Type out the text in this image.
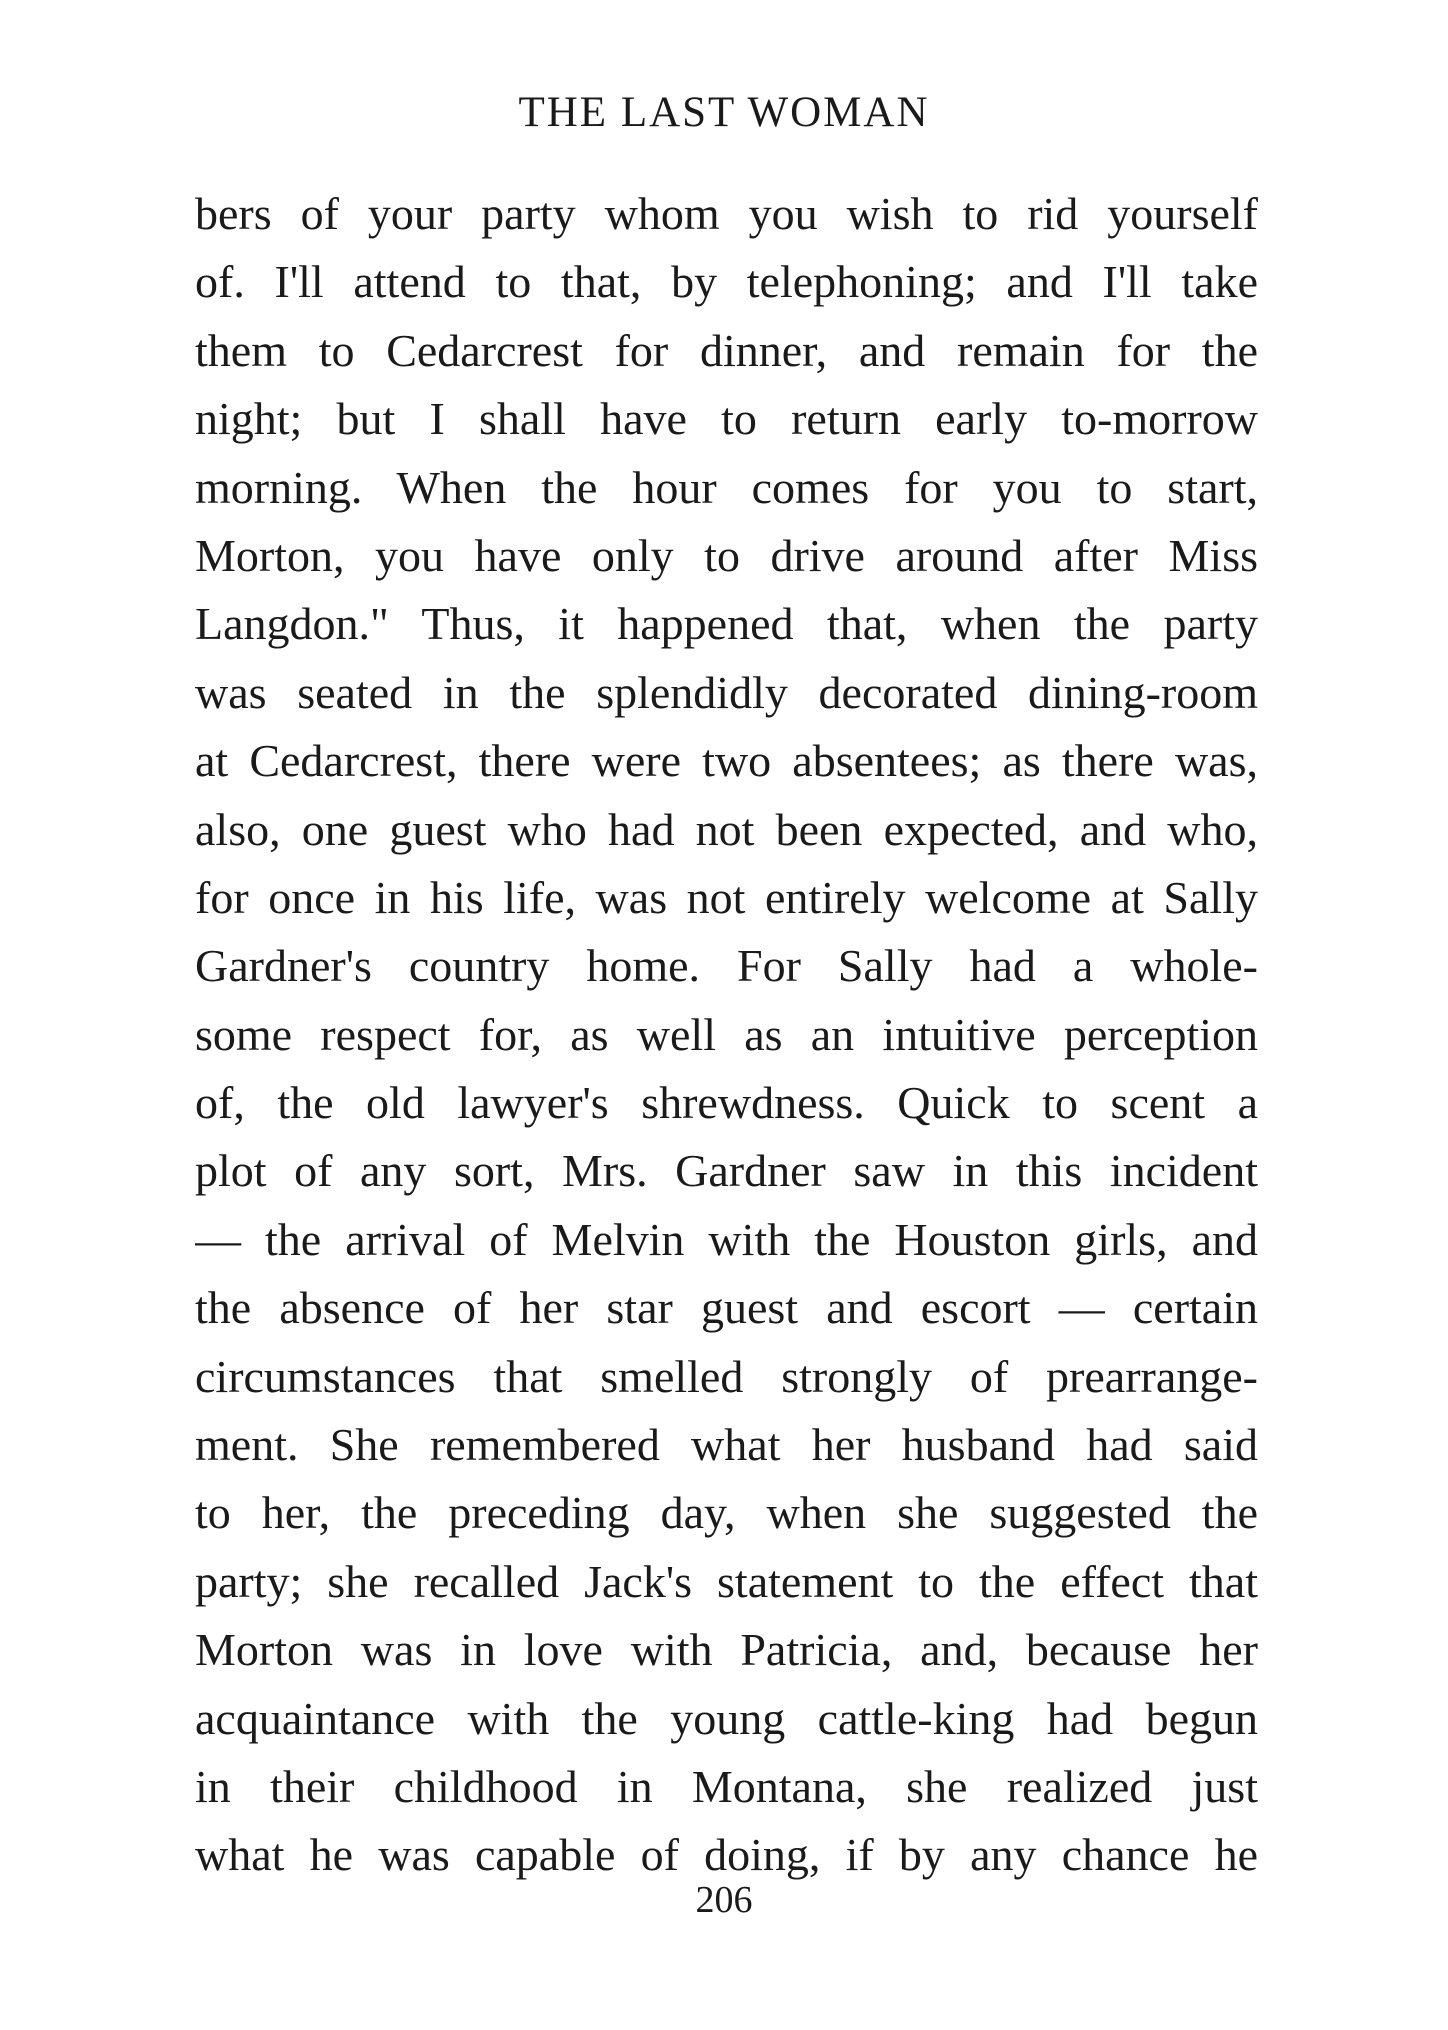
THE LAST WOMAN
bers of your party whom you wish to rid yourself
of. I'll attend to that, by telephoning; and I'll take
them to Cedarcrest for dinner, and remain for the
night; but I shall have to return early to-morrow
morning. When the hour comes for you to start,
Morton, you have only to drive around after Miss
Langdon." Thus, it happened that, when the party
was seated in the splendidly decorated dining-room
at Cedarcrest, there were two absentees; as there was,
also, one guest who had not been expected, and who,
for once in his life, was not entirely welcome at Sally
Gardner's country home. For Sally had a whole-
some respect for, as well as an intuitive perception
of, the old lawyer's shrewdness. Quick to scent a
plot of any sort, Mrs. Gardner saw in this incident
— the arrival of Melvin with the Houston girls, and
the absence of her star guest and escort — certain
circumstances that smelled strongly of prearrange-
ment. She remembered what her husband had said
to her, the preceding day, when she suggested the
party; she recalled Jack's statement to the effect that
Morton was in love with Patricia, and, because her
acquaintance with the young cattle-king had begun
in their childhood in Montana, she realized just
what he was capable of doing, if by any chance he
206
